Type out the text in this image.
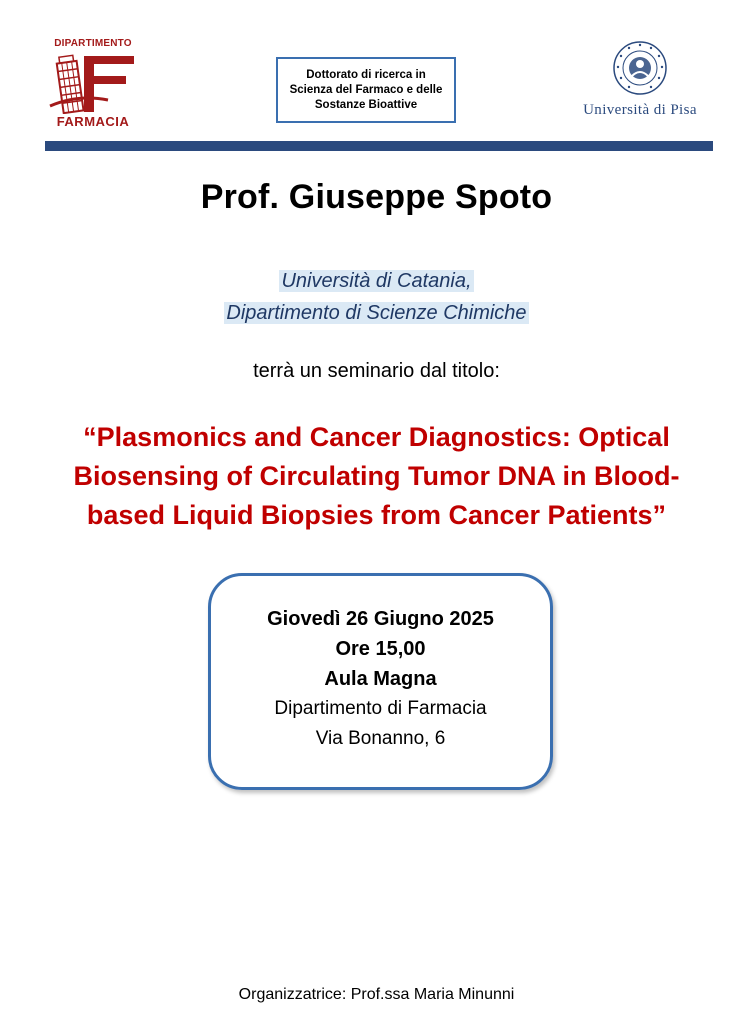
DIPARTIMENTO
FARMACIA
Dottorato di ricerca in
Scienza del Farmaco e delle
Sostanze Bioattive	Università di Pisa
Prof. Giuseppe Spoto
Università di Catania,
Dipartimento di Scienze Chimiche
terrà un seminario dal titolo:
“Plasmonics and Cancer Diagnostics: Optical
Biosensing of Circulating Tumor DNA in Blood-
based Liquid Biopsies from Cancer Patients”
Giovedì 26 Giugno 2025
Ore 15,00
Aula Magna
Dipartimento di Farmacia
Via Bonanno, 6
Organizzatrice: Prof.ssa Maria Minunni
